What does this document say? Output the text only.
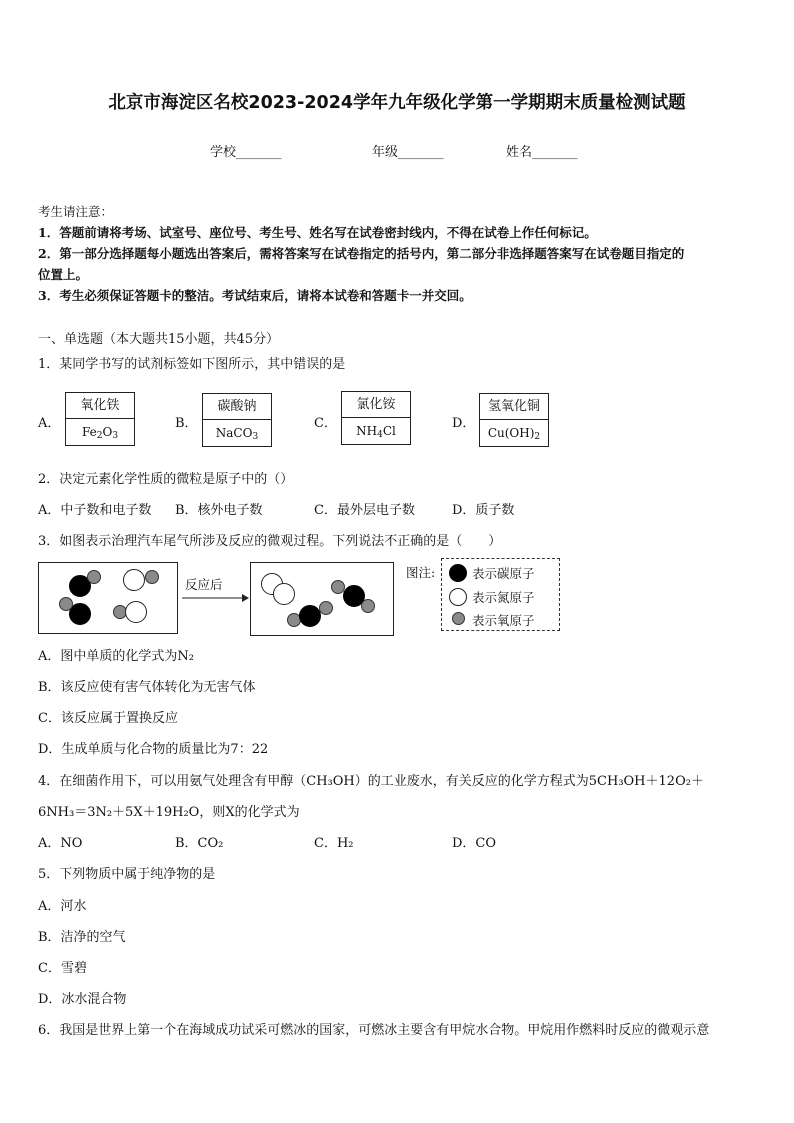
北京市海淀区名校2023-2024学年九年级化学第一学期期末质量检测试题
学校_______	年级_______	姓名_______
考生请注意：
1．答题前请将考场、试室号、座位号、考生号、姓名写在试卷密封线内，不得在试卷上作任何标记。
2．第一部分选择题每小题选出答案后，需将答案写在试卷指定的括号内，第二部分非选择题答案写在试卷题目指定的
位置上。
3．考生必须保证答题卡的整洁。考试结束后，请将本试卷和答题卡一并交回。
一、单选题（本大题共15小题，共45分）
1．某同学书写的试剂标签如下图所示，其中错误的是
A．
氧化铁
$Fe_2O_3$
B．
碳酸钠
NaCO$_3$
C．
氯化铵
$NH_4Cl$	D．
氢氧化铜
$Cu(OH)_2$
2．决定元素化学性质的微粒是原子中的（）
A．中子数和电子数 B．核外电子数	C．最外层电子数	D．质子数
3．如图表示治理汽车尾气所涉及反应的微观过程。下列说法不正确的是（　　）
反应后
图注:	表示碳原子
表示氮原子
表示氧原子
A．图中单质的化学式为N₂
B．该反应使有害气体转化为无害气体
C．该反应属于置换反应
D．生成单质与化合物的质量比为7：22
4．在细菌作用下，可以用氨气处理含有甲醇（CH₃OH）的工业废水，有关反应的化学方程式为5CH₃OH＋12O₂＋
6NH₃＝3N₂＋5X＋19H₂O，则X的化学式为
A．NO	B．CO₂	C．H₂	D．CO
5．下列物质中属于纯净物的是
A．河水
B．洁净的空气
C．雪碧
D．冰水混合物
6．我国是世界上第一个在海域成功试采可燃冰的国家，可燃冰主要含有甲烷水合物。甲烷用作燃料时反应的微观示意
